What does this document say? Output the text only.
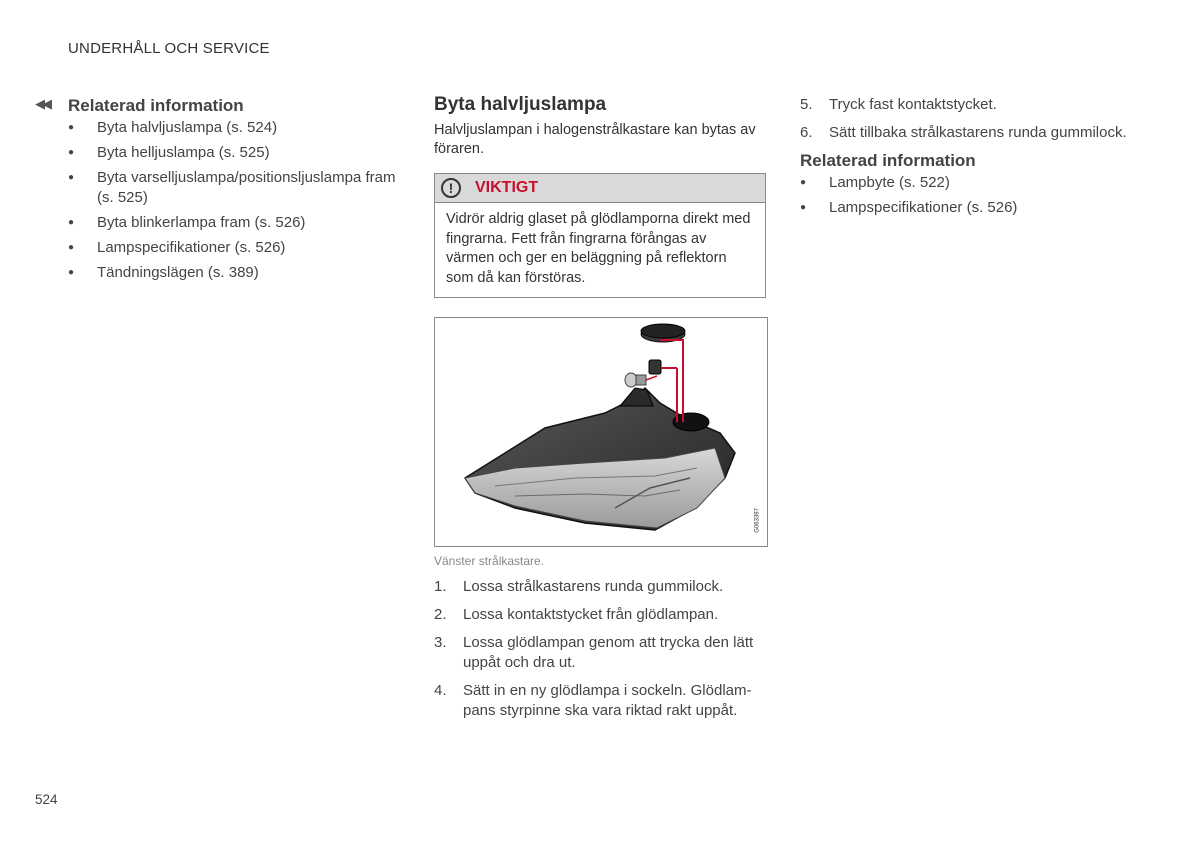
UNDERHÅLL OCH SERVICE
◀◀ Relaterad information
● Byta halvljuslampa (s. 524)
● Byta helljuslampa (s. 525)
● Byta varselljuslampa/positionsljuslampa fram (s. 525)
● Byta blinkerlampa fram (s. 526)
● Lampspecifikationer (s. 526)
● Tändningslägen (s. 389)
Byta halvljuslampa
Halvljuslampan i halogenstrålkastare kan bytas av föraren.
!	VIKTIGT
Vidrör aldrig glaset på glödlamporna direkt med fingrarna. Fett från fingrarna förångas av värmen och ger en beläggning på reflektorn som då kan förstöras.
G063397
Vänster strålkastare.
1. Lossa strålkastarens runda gummilock.
2. Lossa kontaktstycket från glödlampan.
3. Lossa glödlampan genom att trycka den lätt uppåt och dra ut.
4. Sätt in en ny glödlampa i sockeln. Glödlampans styrpinne ska vara riktad rakt uppåt.
5. Tryck fast kontaktstycket.
6. Sätt tillbaka strålkastarens runda gummilock.
Relaterad information
● Lampbyte (s. 522)
● Lampspecifikationer (s. 526)
524
